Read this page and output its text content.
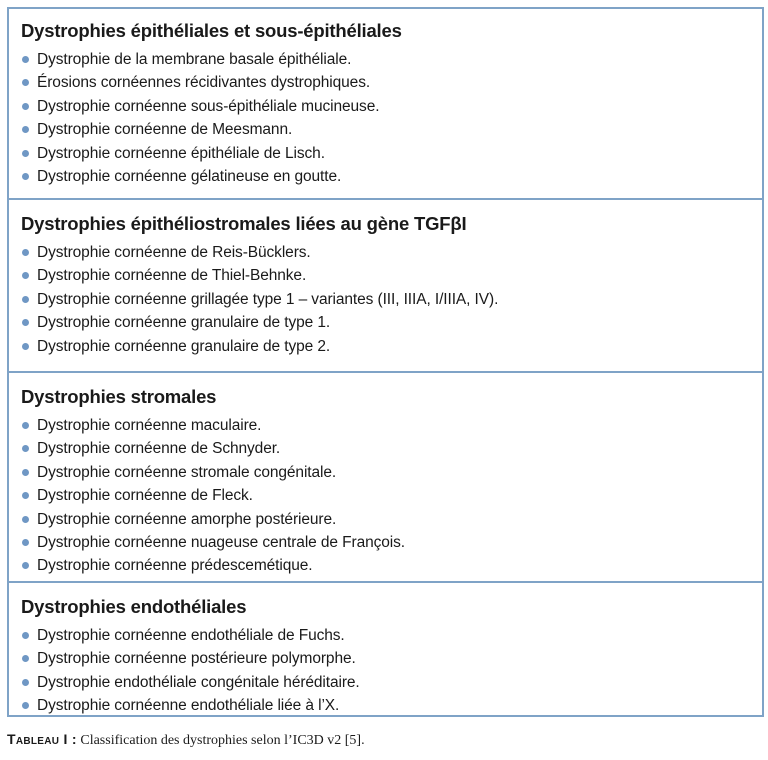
Dystrophies épithéliales et sous-épithéliales
Dystrophie de la membrane basale épithéliale.
Érosions cornéennes récidivantes dystrophiques.
Dystrophie cornéenne sous-épithéliale mucineuse.
Dystrophie cornéenne de Meesmann.
Dystrophie cornéenne épithéliale de Lisch.
Dystrophie cornéenne gélatineuse en goutte.
Dystrophies épithéliostromales liées au gène TGFβI
Dystrophie cornéenne de Reis-Bücklers.
Dystrophie cornéenne de Thiel-Behnke.
Dystrophie cornéenne grillagée type 1 – variantes (III, IIIA, I/IIIA, IV).
Dystrophie cornéenne granulaire de type 1.
Dystrophie cornéenne granulaire de type 2.
Dystrophies stromales
Dystrophie cornéenne maculaire.
Dystrophie cornéenne de Schnyder.
Dystrophie cornéenne stromale congénitale.
Dystrophie cornéenne de Fleck.
Dystrophie cornéenne amorphe postérieure.
Dystrophie cornéenne nuageuse centrale de François.
Dystrophie cornéenne prédescemétique.
Dystrophies endothéliales
Dystrophie cornéenne endothéliale de Fuchs.
Dystrophie cornéenne postérieure polymorphe.
Dystrophie endothéliale congénitale héréditaire.
Dystrophie cornéenne endothéliale liée à l’X.
Tableau I : Classification des dystrophies selon l’IC3D v2 [5].
